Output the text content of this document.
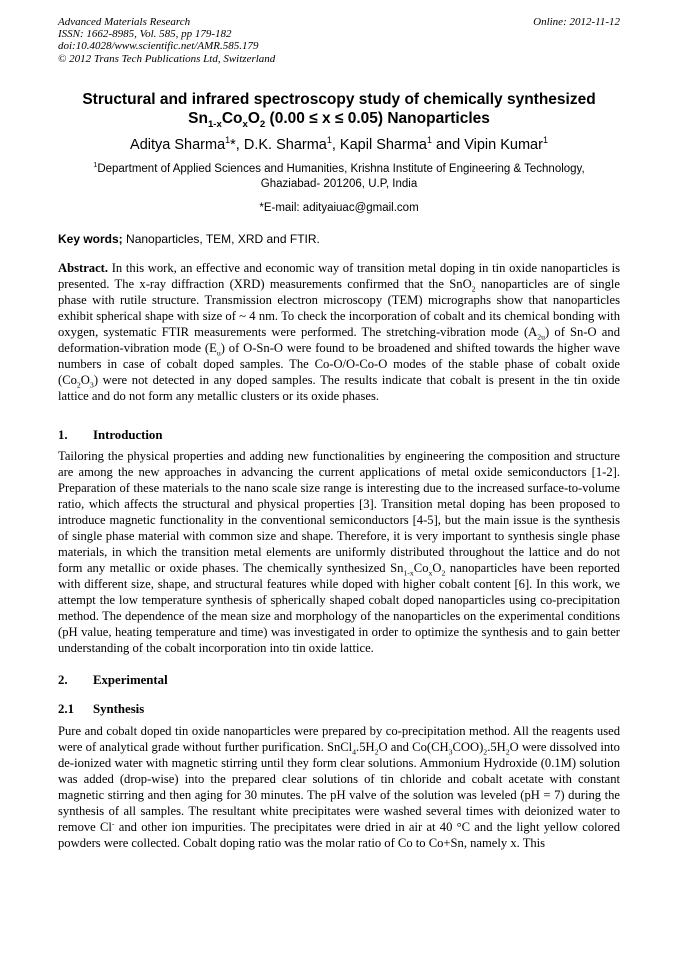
Advanced Materials Research
ISSN: 1662-8985, Vol. 585, pp 179-182
doi:10.4028/www.scientific.net/AMR.585.179
© 2012 Trans Tech Publications Ltd, Switzerland
Online: 2012-11-12
Structural and infrared spectroscopy study of chemically synthesized
$Sn_{1-x}Co_xO_2$ (0.00 ≤ x ≤ 0.05) Nanoparticles
Aditya Sharma$^1$*, D.K. Sharma$^1$, Kapil Sharma$^1$ and Vipin Kumar$^1$
$^1$Department of Applied Sciences and Humanities, Krishna Institute of Engineering & Technology,
Ghaziabad- 201206, U.P, India
*E-mail: adityaiuac@gmail.com
Key words; Nanoparticles, TEM, XRD and FTIR.

Abstract. In this work, an effective and economic way of transition metal doping in tin oxide nanoparticles is presented. The x-ray diffraction (XRD) measurements confirmed that the SnO$_2$ nanoparticles are of single phase with rutile structure. Transmission electron microscopy (TEM) micrographs show that nanoparticles exhibit spherical shape with size of ~ 4 nm. To check the incorporation of cobalt and its chemical bonding with oxygen, systematic FTIR measurements were performed. The stretching-vibration mode $(A_{2u})$ of Sn-O and deformation-vibration mode $(E_u)$ of O-Sn-O were found to be broadened and shifted towards the higher wave numbers in case of cobalt doped samples. The Co-O/O-Co-O modes of the stable phase of cobalt oxide $(Co_2O_3)$ were not detected in any doped samples. The results indicate that cobalt is present in the tin oxide lattice and do not form any metallic clusters or its oxide phases.

1. Introduction

Tailoring the physical properties and adding new functionalities by engineering the composition and structure are among the new approaches in advancing the current applications of metal oxide semiconductors [1-2]. Preparation of these materials to the nano scale size range is interesting due to the increased surface-to-volume ratio, which affects the structural and physical properties [3]. Transition metal doping has been proposed to introduce magnetic functionality in the conventional semiconductors [4-5], but the main issue is the synthesis of single phase material with common size and shape. Therefore, it is very important to synthesis single phase materials, in which the transition metal elements are uniformly distributed throughout the lattice and do not form any metallic or oxide phases. The chemically synthesized $Sn_{1-x}Co_xO_2$ nanoparticles have been reported with different size, shape, and structural features while doped with higher cobalt content [6]. In this work, we attempt the low temperature synthesis of spherically shaped cobalt doped nanoparticles using co-precipitation method. The dependence of the mean size and morphology of the nanoparticles on the experimental conditions (pH value, heating temperature and time) was investigated in order to optimize the synthesis and to gain better understanding of the cobalt incorporation into tin oxide lattice.

2. Experimental
2.1 Synthesis

Pure and cobalt doped tin oxide nanoparticles were prepared by co-precipitation method. All the reagents used were of analytical grade without further purification. $SnCl_4.5H_2O$ and $Co(CH_3COO)_2.5H_2O$ were dissolved into de-ionized water with magnetic stirring until they form clear solutions. Ammonium Hydroxide (0.1M) solution was added (drop-wise) into the prepared clear solutions of tin chloride and cobalt acetate with constant magnetic stirring and then aging for 30 minutes. The pH valve of the solution was leveled (pH = 7) during the synthesis of all samples. The resultant white precipitates were washed several times with deionized water to remove Cl- and other ion impurities. The precipitates were dried in air at 40 °C and the light yellow colored powders were collected. Cobalt doping ratio was the molar ratio of Co to Co+Sn, namely x. This
